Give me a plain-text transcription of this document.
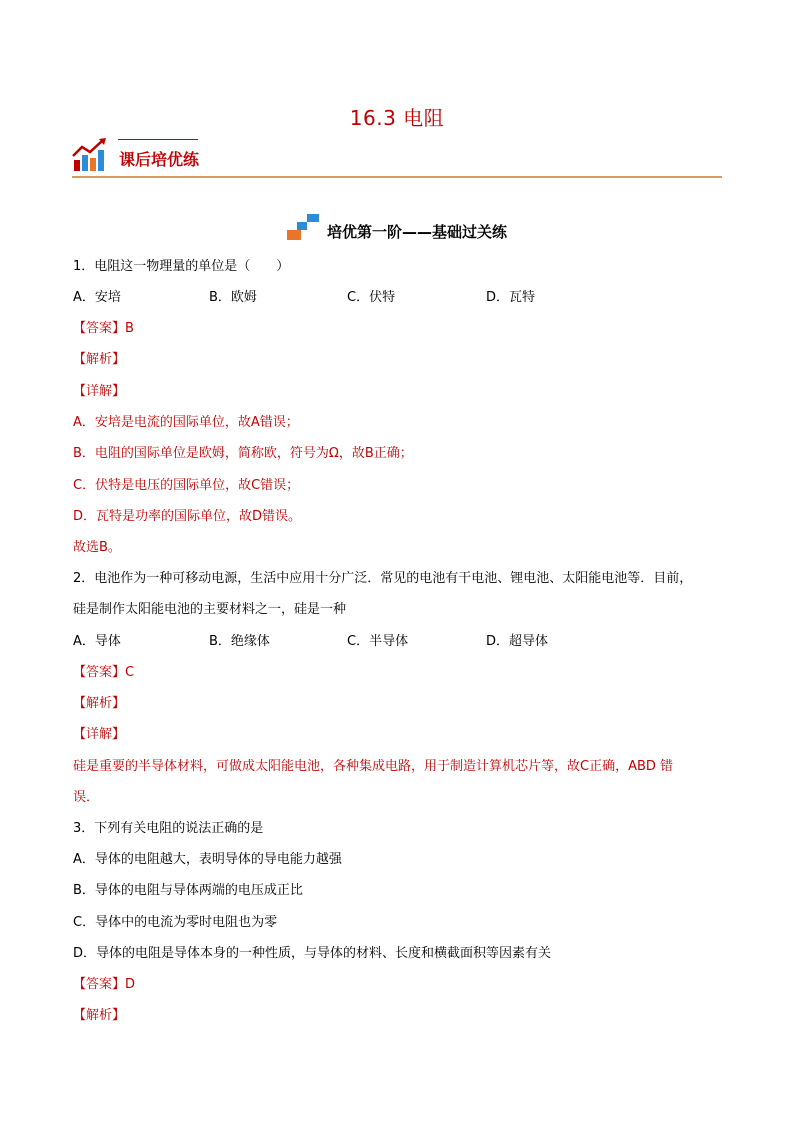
16.3 电阻
课后培优练
培优第一阶——基础过关练
1．电阻这一物理量的单位是（　　）
A．安培	B．欧姆	C．伏特	D．瓦特
【答案】B
【解析】
【详解】
A．安培是电流的国际单位，故A错误；
B．电阻的国际单位是欧姆，简称欧，符号为Ω，故B正确；
C．伏特是电压的国际单位，故C错误；
D．瓦特是功率的国际单位，故D错误。
故选B。
2．电池作为一种可移动电源，生活中应用十分广泛．常见的电池有干电池、锂电池、太阳能电池等．目前，
硅是制作太阳能电池的主要材料之一，硅是一种
A．导体	B．绝缘体	C．半导体	D．超导体
【答案】C
【解析】
【详解】
硅是重要的半导体材料，可做成太阳能电池，各种集成电路，用于制造计算机芯片等，故C正确，ABD 错
误．
3．下列有关电阻的说法正确的是
A．导体的电阻越大，表明导体的导电能力越强
B．导体的电阻与导体两端的电压成正比
C．导体中的电流为零时电阻也为零
D．导体的电阻是导体本身的一种性质，与导体的材料、长度和横截面积等因素有关
【答案】D
【解析】
